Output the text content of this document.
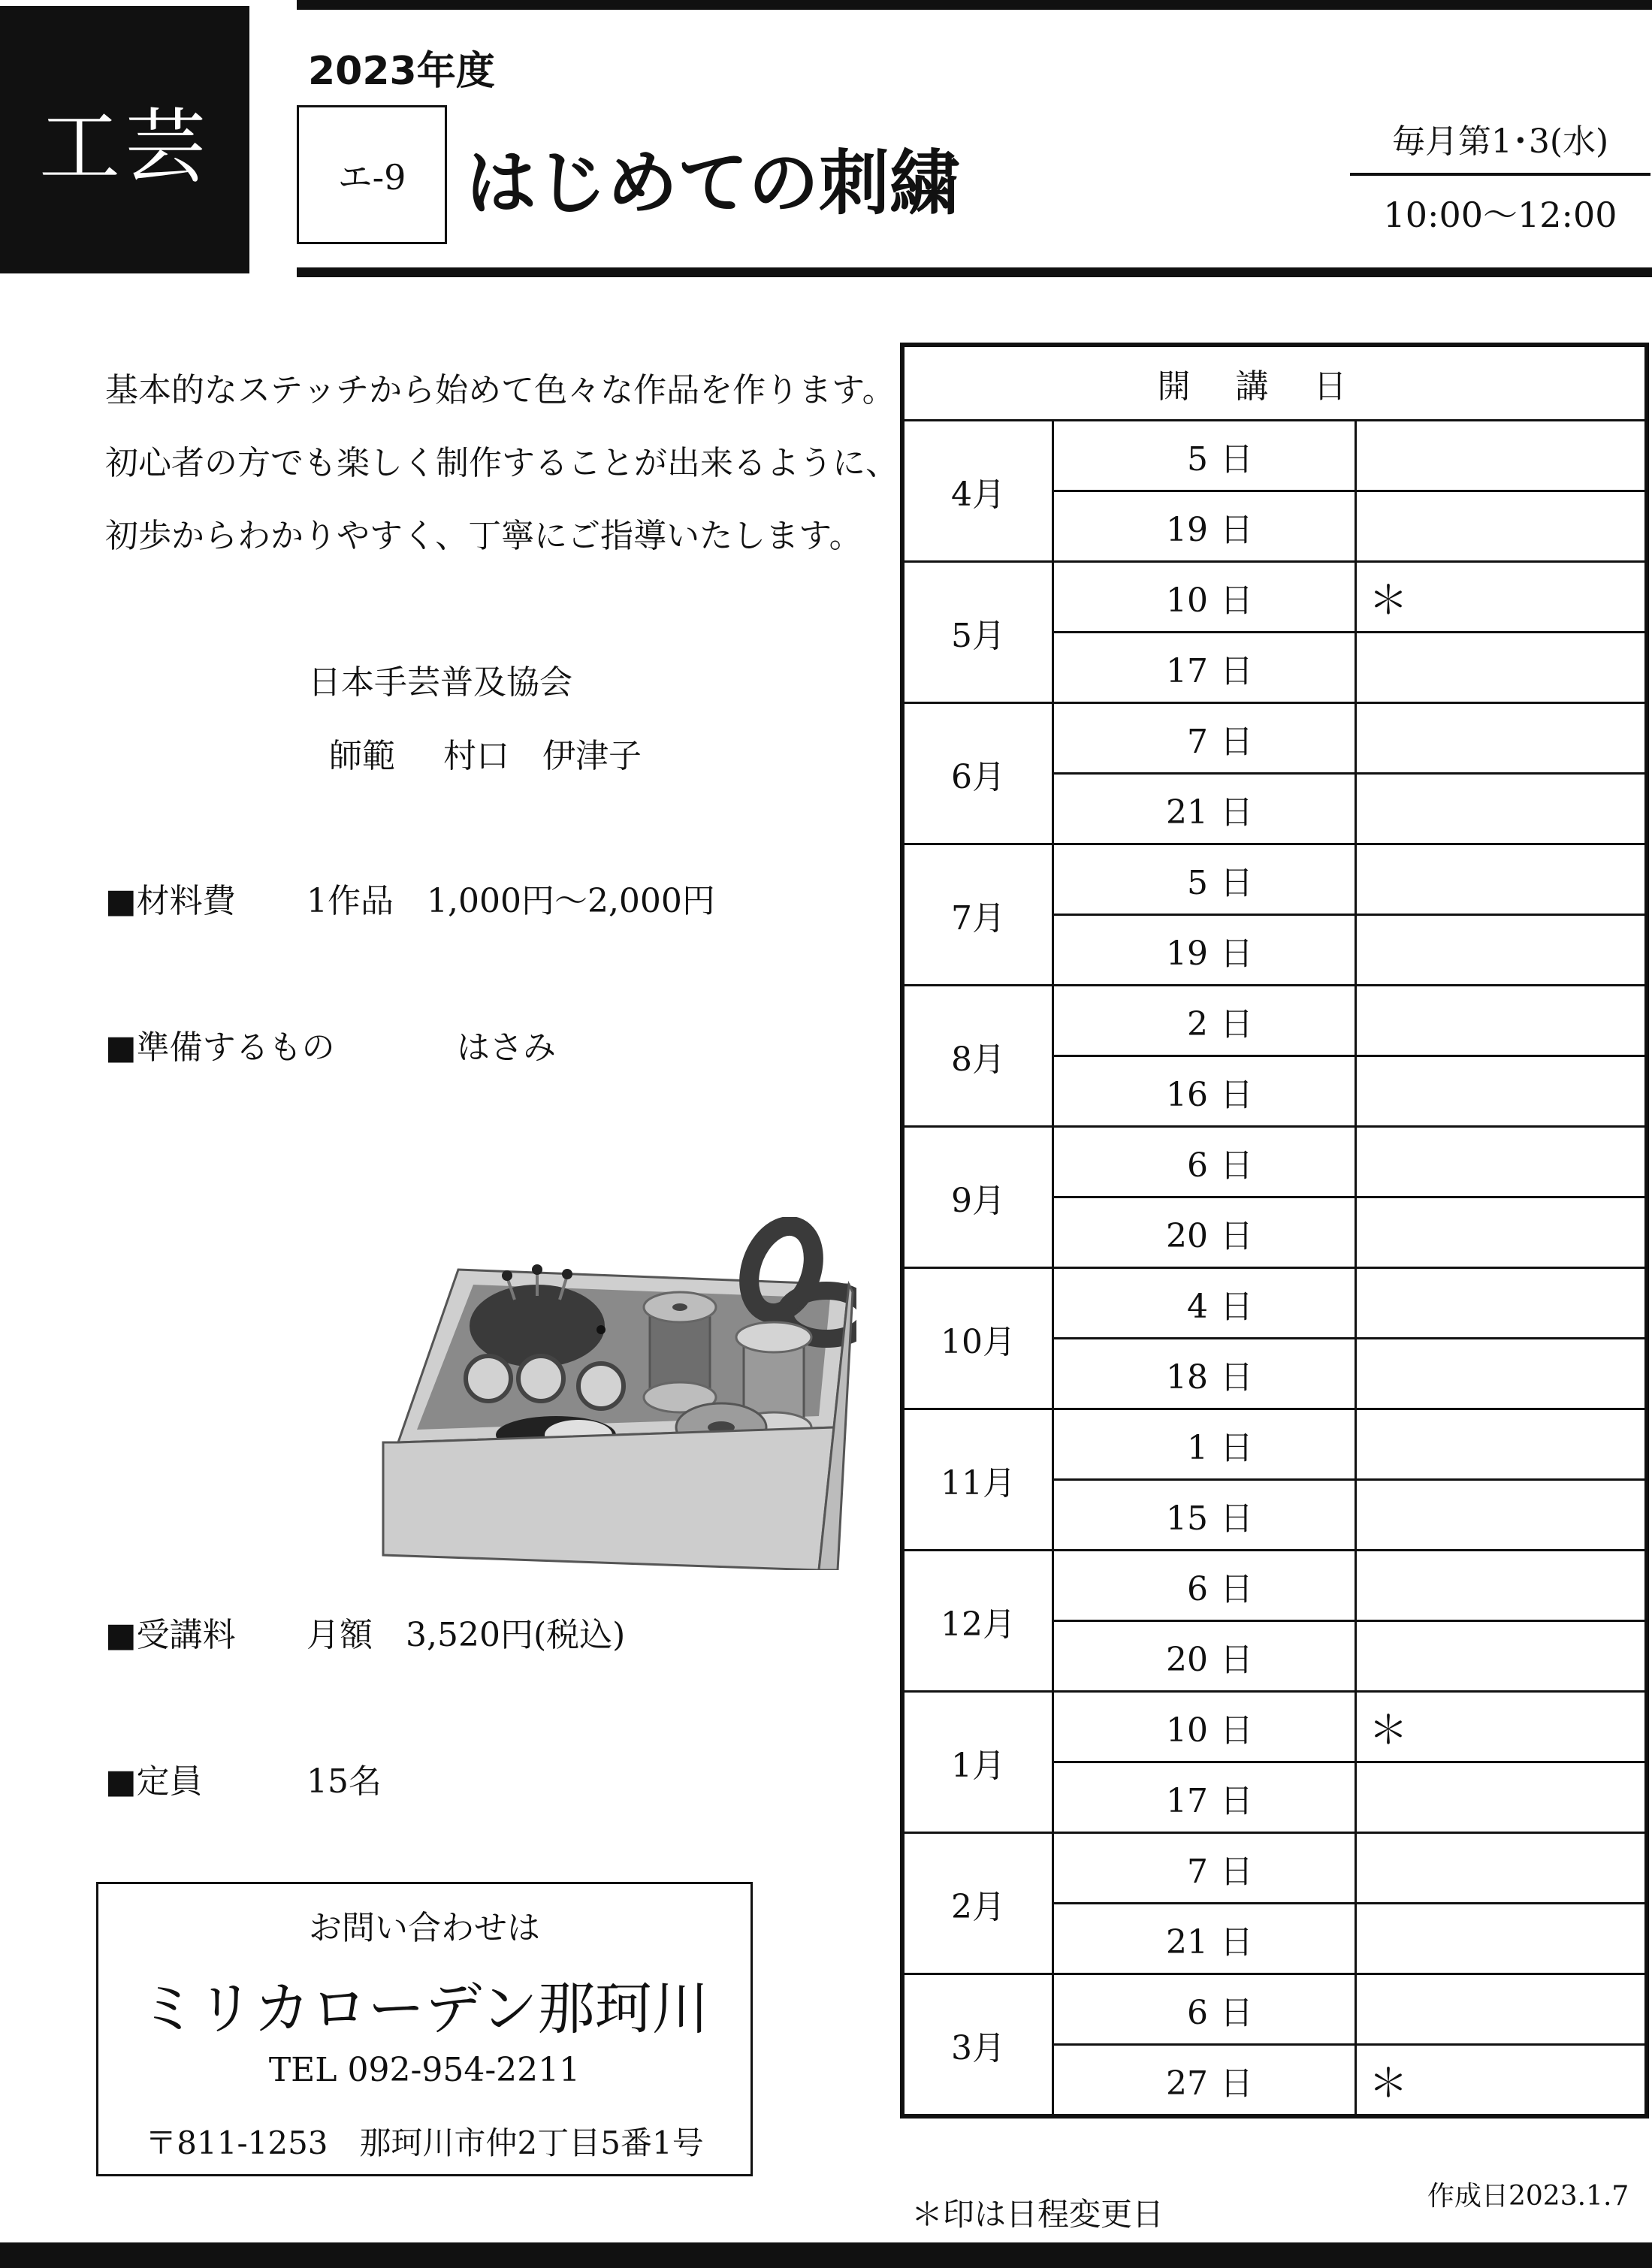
工芸
2023年度
エ-9 はじめての刺繍
毎月第1･3(水)
10:00～12:00
基本的なステッチから始めて色々な作品を作ります。
初心者の方でも楽しく制作することが出来るように、
初歩からわかりやすく、丁寧にご指導いたします。
日本手芸普及協会
師範 村口　伊津子
■材料費 1作品　1,000円～2,000円
■準備するもの	はさみ
■受講料 月額　3,520円(税込)
■定員	15名
お問い合わせは
ミリカローデン那珂川
TEL 092-954-2211
〒811-1253　那珂川市仲2丁目5番1号
開講日		
4月	5 日	
	19 日	
5月	10 日	＊
	17 日	
6月	7 日	
	21 日	
7月	5 日	
	19 日	
8月	2 日	
	16 日	
9月	6 日	
	20 日	
10月	4 日	
	18 日	
11月	1 日	
	15 日	
12月	6 日	
	20 日	
1月	10 日	＊
	17 日	
2月	7 日	
	21 日	
3月	6 日	
	27 日	＊
＊印は日程変更日	作成日2023.1.7
